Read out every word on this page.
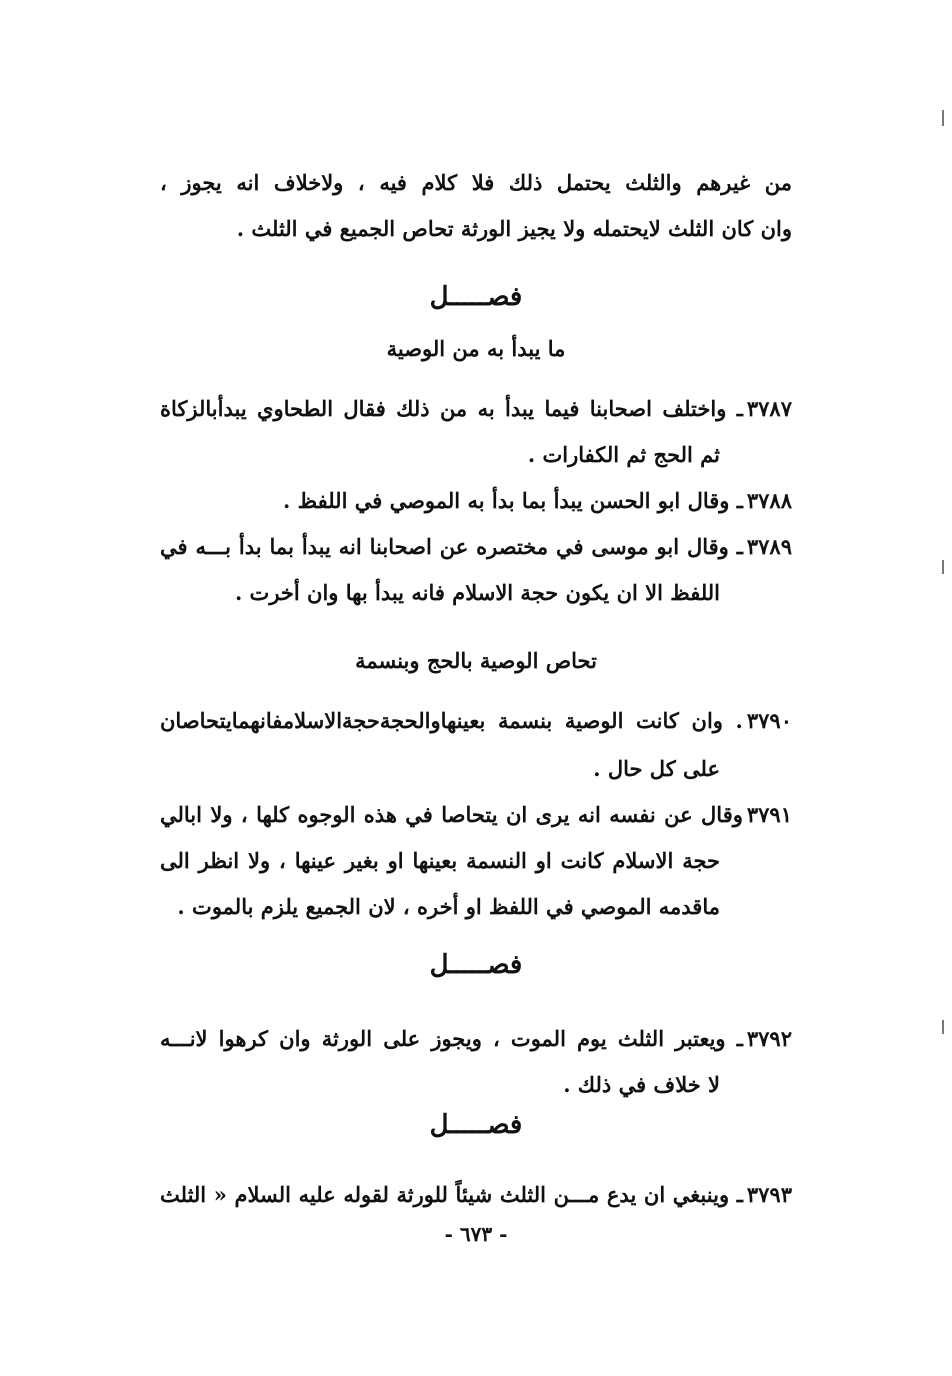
من غيرهم والثلث يحتمل ذلك فلا كلام فيه ، ولاخلاف انه يجوز ،
وان كان الثلث لايحتمله ولا يجيز الورثة تحاص الجميع في الثلث .
فصـــــل
ما يبدأ به من الوصية
٣٧٨٧ـ واختلف اصحابنا فيما يبدأ به من ذلك فقال الطحاوي يبدأبالزكاة
ثم الحج ثم الكفارات .
٣٧٨٨ـ وقال ابو الحسن يبدأ بما بدأ به الموصي في اللفظ .
٣٧٨٩ـ وقال ابو موسى في مختصره عن اصحابنا انه يبدأ بما بدأ بـــه في
اللفظ الا ان يكون حجة الاسلام فانه يبدأ بها وان أخرت .
تحاص الوصية بالحج وبنسمة
٣٧٩٠. وان كانت الوصية بنسمة بعينهاوالحجةحجةالاسلامفانهمايتحاصان
على كل حال .
٣٧٩١وقال عن نفسه انه يرى ان يتحاصا في هذه الوجوه كلها ، ولا ابالي
حجة الاسلام كانت او النسمة بعينها او بغير عينها ، ولا انظر الى
ماقدمه الموصي في اللفظ او أخره ، لان الجميع يلزم بالموت .
فصـــــل
٣٧٩٢ـ ويعتبر الثلث يوم الموت ، ويجوز على الورثة وان كرهوا لانـــه
لا خلاف في ذلك .
فصـــــل
٣٧٩٣ـ وينبغي ان يدع مـــن الثلث شيئاً للورثة لقوله عليه السلام « الثلث
- ٦٧٣ -
